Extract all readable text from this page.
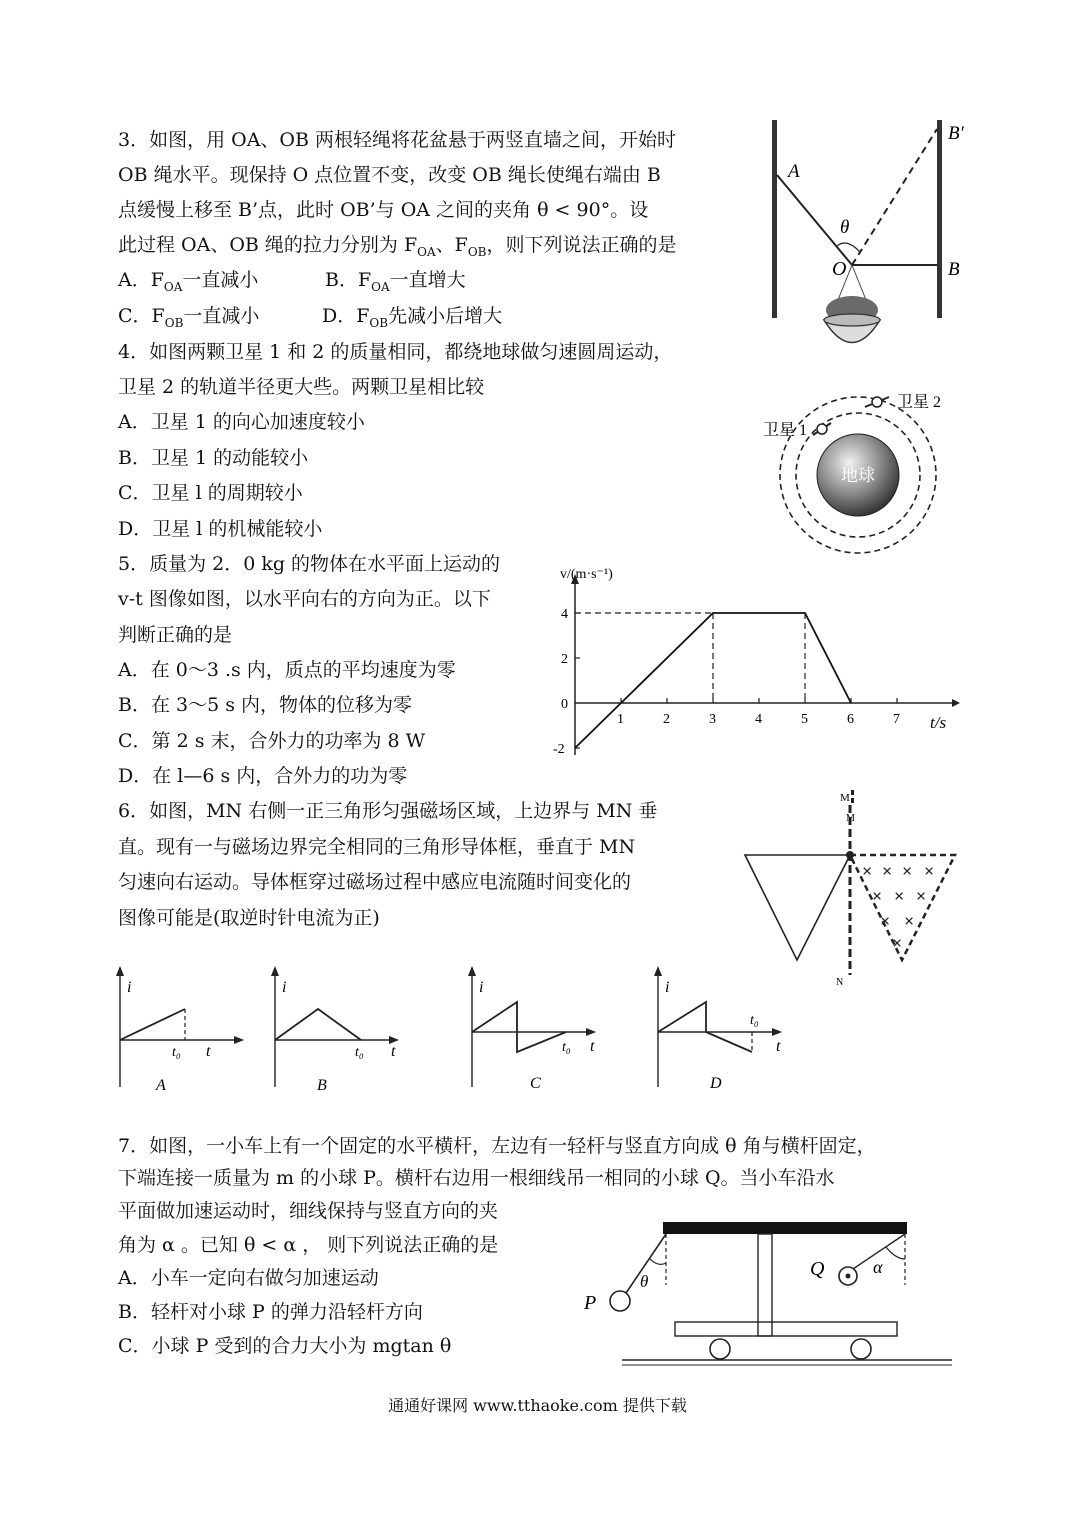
3．如图，用 OA、OB 两根轻绳将花盆悬于两竖直墙之间，开始时
OB 绳水平。现保持 O 点位置不变，改变 OB 绳长使绳右端由 B
点缓慢上移至 B’点，此时 OB’与 OA 之间的夹角 θ < 90°。设
此过程 OA、OB 绳的拉力分别为 $F_{OA}$、$F_{OB}$，则下列说法正确的是
A．$F_{OA}$一直减小	B．$F_{OA}$一直增大
C．$F_{OB}$一直减小	D．$F_{OB}$先减小后增大
A
O	B
B′
θ
4．如图两颗卫星 1 和 2 的质量相同，都绕地球做匀速圆周运动，
卫星 2 的轨道半径更大些。两颗卫星相比较
A．卫星 1 的向心加速度较小
B．卫星 1 的动能较小
C．卫星 l 的周期较小
D．卫星 l 的机械能较小
地球
卫星 1
卫星 2
5．质量为 2．0 kg 的物体在水平面上运动的
v-t 图像如图，以水平向右的方向为正。以下
判断正确的是
A．在 0～3 .s 内，质点的平均速度为零
B．在 3～5 s 内，物体的位移为零
C．第 2 s 末，合外力的功率为 8 W
D．在 l—6 s 内，合外力的功为零
1	2	3	4	5	6	7
-2
0
2
4
v/(m·s⁻¹)
t/s
6．如图，MN 右侧一正三角形匀强磁场区域，上边界与 MN 垂
直。现有一与磁场边界完全相同的三角形导体框，垂直于 MN
匀速向右运动。导体框穿过磁场过程中感应电流随时间变化的
图像可能是(取逆时针电流为正)
M
M
N
× × × ×
× × ×
× ×
×
i
t
t₀
A
i
t
t₀
B
i
t
t₀
C
i
t
t₀
D
7．如图，一小车上有一个固定的水平横杆，左边有一轻杆与竖直方向成 θ 角与横杆固定，
下端连接一质量为 m 的小球 P。横杆右边用一根细线吊一相同的小球 Q。当小车沿水
平面做加速运动时，细线保持与竖直方向的夹
角为 α 。已知 θ < α ， 则下列说法正确的是
A．小车一定向右做匀加速运动
B．轻杆对小球 P 的弹力沿轻杆方向
C．小球 P 受到的合力大小为 mgtan θ
P
Q
θ
α
通通好课网 www.tthaoke.com 提供下载
